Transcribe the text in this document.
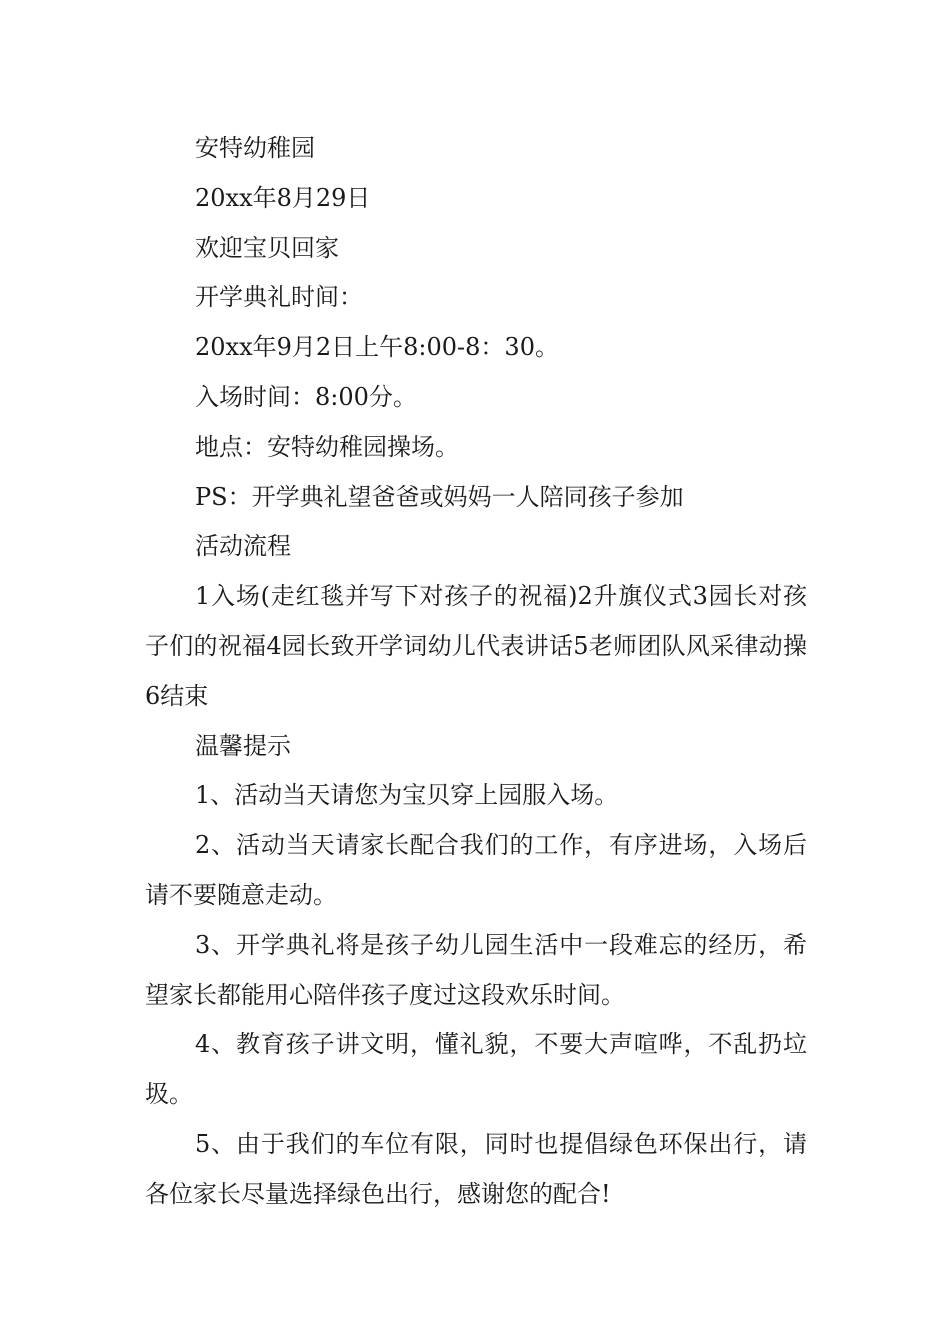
安特幼稚园

20xx年8月29日

欢迎宝贝回家

开学典礼时间：

20xx年9月2日上午8:00-8：30。

入场时间：8:00分。

地点：安特幼稚园操场。

PS：开学典礼望爸爸或妈妈一人陪同孩子参加

活动流程

1入场(走红毯并写下对孩子的祝福)2升旗仪式3园长对孩子们的祝福4园长致开学词幼儿代表讲话5老师团队风采律动操6结束

温馨提示

1、活动当天请您为宝贝穿上园服入场。

2、活动当天请家长配合我们的工作，有序进场，入场后请不要随意走动。

3、开学典礼将是孩子幼儿园生活中一段难忘的经历，希望家长都能用心陪伴孩子度过这段欢乐时间。

4、教育孩子讲文明，懂礼貌，不要大声喧哗，不乱扔垃圾。

5、由于我们的车位有限，同时也提倡绿色环保出行，请各位家长尽量选择绿色出行，感谢您的配合!
